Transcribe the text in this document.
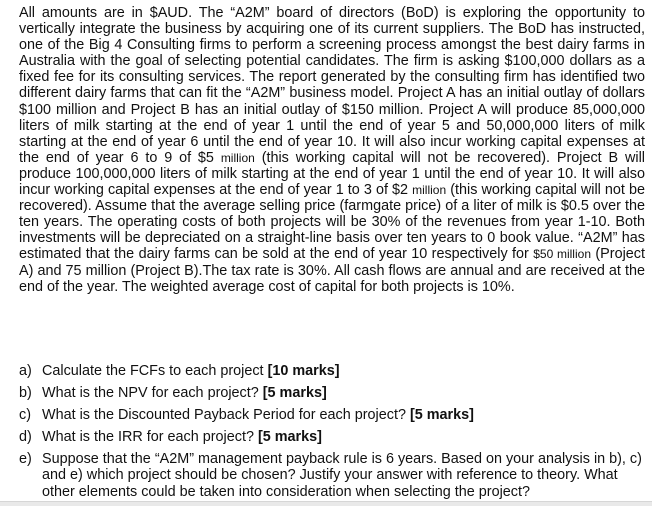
All amounts are in $AUD. The “A2M” board of directors (BoD) is exploring the opportunity to vertically integrate the business by acquiring one of its current suppliers. The BoD has instructed, one of the Big 4 Consulting firms to perform a screening process amongst the best dairy farms in Australia with the goal of selecting potential candidates. The firm is asking $100,000 dollars as a fixed fee for its consulting services. The report generated by the consulting firm has identified two different dairy farms that can fit the “A2M” business model. Project A has an initial outlay of dollars $100 million and Project B has an initial outlay of $150 million. Project A will produce 85,000,000 liters of milk starting at the end of year 1 until the end of year 5 and 50,000,000 liters of milk starting at the end of year 6 until the end of year 10. It will also incur working capital expenses at the end of year 6 to 9 of $5 million (this working capital will not be recovered). Project B will produce 100,000,000 liters of milk starting at the end of year 1 until the end of year 10. It will also incur working capital expenses at the end of year 1 to 3 of $2 million (this working capital will not be recovered). Assume that the average selling price (farmgate price) of a liter of milk is $0.5 over the ten years. The operating costs of both projects will be 30% of the revenues from year 1-10. Both investments will be depreciated on a straight-line basis over ten years to 0 book value. “A2M” has estimated that the dairy farms can be sold at the end of year 10 respectively for $50 million (Project A) and 75 million (Project B).The tax rate is 30%. All cash flows are annual and are received at the end of the year. The weighted average cost of capital for both projects is 10%.

a) Calculate the FCFs to each project [10 marks]
b) What is the NPV for each project? [5 marks]
c) What is the Discounted Payback Period for each project? [5 marks]
d) What is the IRR for each project? [5 marks]
e) Suppose that the “A2M” management payback rule is 6 years. Based on your analysis in b), c) and e) which project should be chosen? Justify your answer with reference to theory. What other elements could be taken into consideration when selecting the project?
